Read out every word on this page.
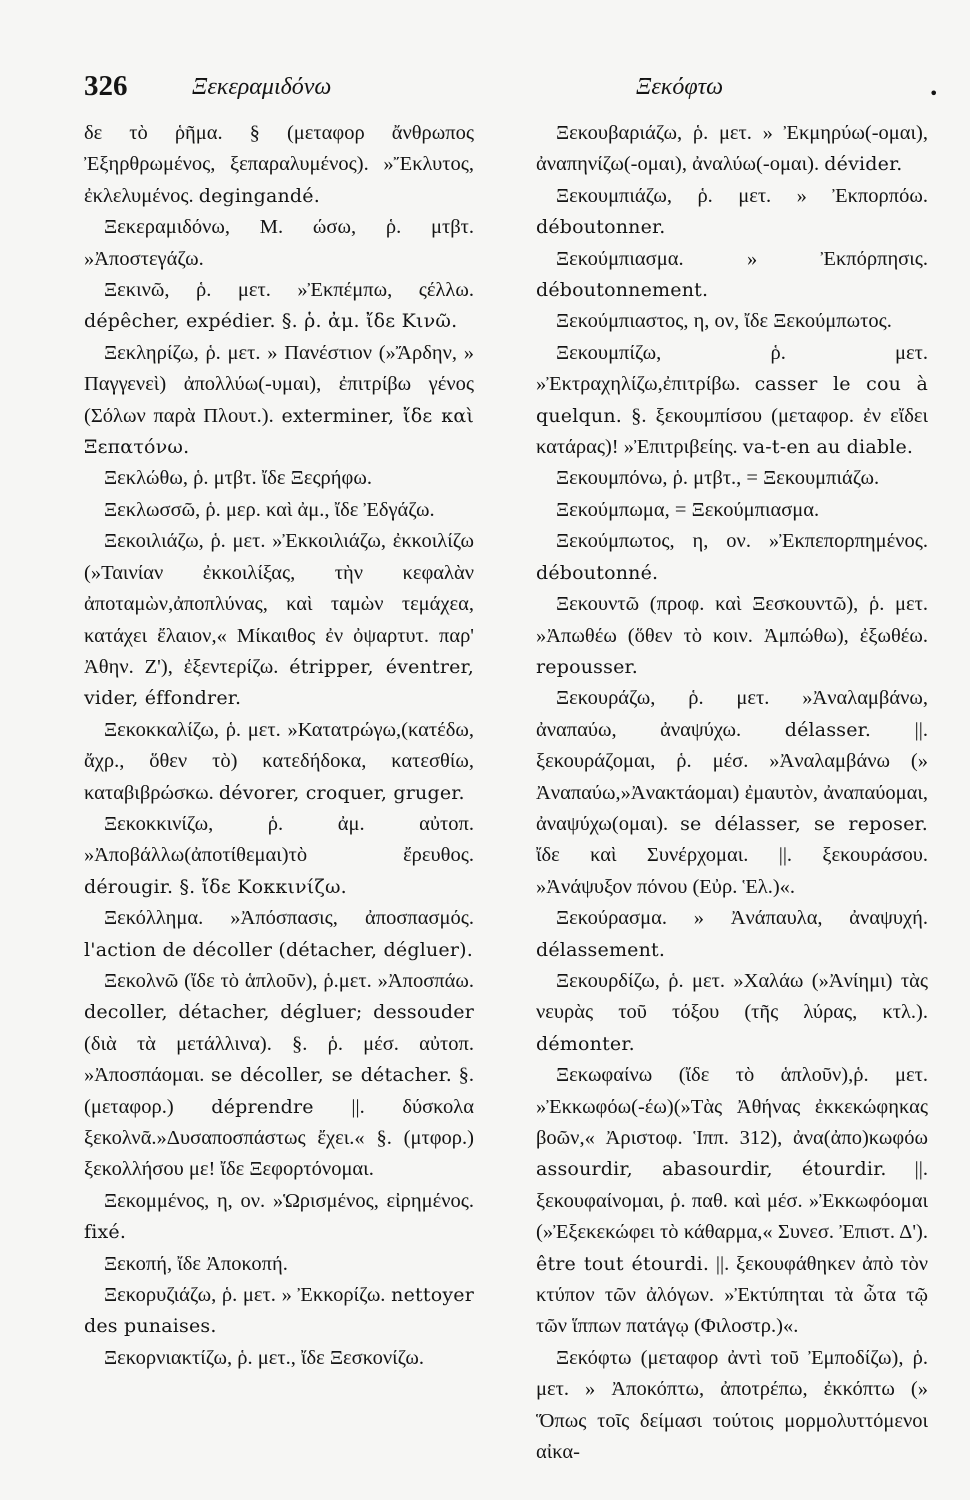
326	Ξεκεραμιδόνω	Ξεκόφτω	•

δε τὸ ῥῆμα. § (μεταφορ ἄνθρωπος Ἐξηρθρωμένος, ξεπαραλυμένος). »Ἔκλυτος, ἐκλελυμένος. degingandé.

Ξεκεραμιδόνω, Μ. ώσω, ῥ. μτβτ. »Ἀποστεγάζω.

Ξεκινῶ, ῥ. μετ. »Ἐκπέμπω, ςέλλω. dépêcher, expédier. §. ῥ. ἀμ. ἴδε Κινῶ.

Ξεκληρίζω, ῥ. μετ. » Πανέστιον (»Ἄρδην, » Παγγενεὶ) ἀπολλύω(-υμαι), ἐπιτρίβω γένος (Σόλων παρὰ Πλουτ.). exterminer, ἴδε καὶ Ξεπατόνω.

Ξεκλώθω, ῥ. μτβτ. ἴδε Ξεςρήφω.

Ξεκλωσσῶ, ῥ. μερ. καὶ ἀμ., ἴδε Ἐδγάζω.

Ξεκοιλιάζω, ῥ. μετ. »Ἐκκοιλιάζω, ἐκκοιλίζω (»Ταινίαν ἐκκοιλίξας, τὴν κεφαλὰν ἀποταμὼν,ἀποπλύνας, καὶ ταμὼν τεμάχεα, κατάχει ἔλαιον,« Μίκαιθος ἐν ὀψαρτυτ. παρ' Ἀθην. Ζ'), ἐξεντερίζω. étripper, éventrer, vider, éffondrer.

Ξεκοκκαλίζω, ῥ. μετ. »Κατατρώγω,(κατέδω, ἄχρ., ὅθεν τὸ) κατεδήδοκα, κατεσθίω, καταβιβρώσκω. dévorer, croquer, gruger.

Ξεκοκκινίζω, ῥ. ἀμ. αὐτοπ. »Ἀποβάλλω(ἀποτίθεμαι)τὸ ἔρευθος. dérougir. §. ἴδε Κοκκινίζω.

Ξεκόλλημα. »Ἀπόσπασις, ἀποσπασμός. l'action de décoller (détacher, dégluer).

Ξεκολνῶ (ἴδε τὸ ἁπλοῦν), ῥ.μετ. »Ἀποσπάω. decoller, détacher, dégluer; dessouder (διὰ τὰ μετάλλινα). §. ῥ. μέσ. αὐτοπ. »Ἀποσπάομαι. se décoller, se détacher. §. (μεταφορ.) déprendre ||. δύσκολα ξεκολνᾶ.»Δυσαποσπάστως ἔχει.« §. (μτφορ.) ξεκολλήσου με! ἴδε Ξεφορτόνομαι.

Ξεκομμένος, η, ον. »Ὡρισμένος, εἰρημένος. fixé.

Ξεκοπή, ἴδε Ἀποκοπή.

Ξεκορυζιάζω, ῥ. μετ. » Ἐκκορίζω. nettoyer des punaises.

Ξεκορνιακτίζω, ῥ. μετ., ἴδε Ξεσκονίζω.

Ξεκουβαριάζω, ῥ. μετ. » Ἐκμηρύω(-ομαι), ἀναπηνίζω(-ομαι), ἀναλύω(-ομαι). dévider.

Ξεκουμπιάζω, ῥ. μετ. » Ἐκπορπόω. déboutonner.

Ξεκούμπιασμα. » Ἐκπόρπησις. déboutonnement.

Ξεκούμπιαστος, η, ον, ἴδε Ξεκούμπωτος.

Ξεκουμπίζω, ῥ. μετ. »Ἐκτραχηλίζω,ἐπιτρίβω. casser le cou à quelqun. §. ξεκουμπίσου (μεταφορ. ἐν εἴδει κατάρας)! »Ἐπιτριβείης. va-t-en au diable.

Ξεκουμπόνω, ῥ. μτβτ., = Ξεκουμπιάζω.

Ξεκούμπωμα, = Ξεκούμπιασμα.

Ξεκούμπωτος, η, ον. »Ἐκπεπορπημένος. déboutonné.

Ξεκουντῶ (προφ. καὶ Ξεσκουντῶ), ῥ. μετ. »Ἀπωθέω (ὅθεν τὸ κοιν. Ἀμπώθω), ἐξωθέω. repousser.

Ξεκουράζω, ῥ. μετ. »Ἀναλαμβάνω, ἀναπαύω, ἀναψύχω. délasser. ||. ξεκουράζομαι, ῥ. μέσ. »Ἀναλαμβάνω (» Ἀναπαύω,»Ἀνακτάομαι) ἐμαυτὸν, ἀναπαύομαι, ἀναψύχω(ομαι). se délasser, se reposer. ἴδε καὶ Συνέρχομαι. ||. ξεκουράσου. »Ἀνάψυξον πόνου (Εὐρ. Ἑλ.)«.

Ξεκούρασμα. » Ἀνάπαυλα, ἀναψυχή. délassement.

Ξεκουρδίζω, ῥ. μετ. »Χαλάω (»Ἀνίημι) τὰς νευρὰς τοῦ τόξου (τῆς λύρας, κτλ.). démonter.

Ξεκωφαίνω (ἴδε τὸ ἁπλοῦν),ῥ. μετ. »Ἐκκωφόω(-έω)(»Τὰς Ἀθήνας ἐκκεκώφηκας βοῶν,« Ἀριστοφ. Ἱππ. 312), ἀνα(ἀπο)κωφόω assourdir, abasourdir, étourdir. ||. ξεκουφαίνομαι, ῥ. παθ. καὶ μέσ. »Ἐκκωφόομαι (»Ἐξεκεκώφει τὸ κάθαρμα,« Συνεσ. Ἐπιστ. Δ'). être tout étourdi. ||. ξεκουφάθηκεν ἀπὸ τὸν κτύπον τῶν ἀλόγων. »Ἐκτύπηται τὰ ὦτα τῷ τῶν ἵππων πατάγῳ (Φιλοστρ.)«.

Ξεκόφτω (μεταφορ ἀντὶ τοῦ Ἐμποδίζω), ῥ. μετ. » Ἀποκόπτω, ἀποτρέπω, ἐκκόπτω (» Ὅπως τοῖς δείμασι τούτοις μορμολυττόμενοι αἰκα-
